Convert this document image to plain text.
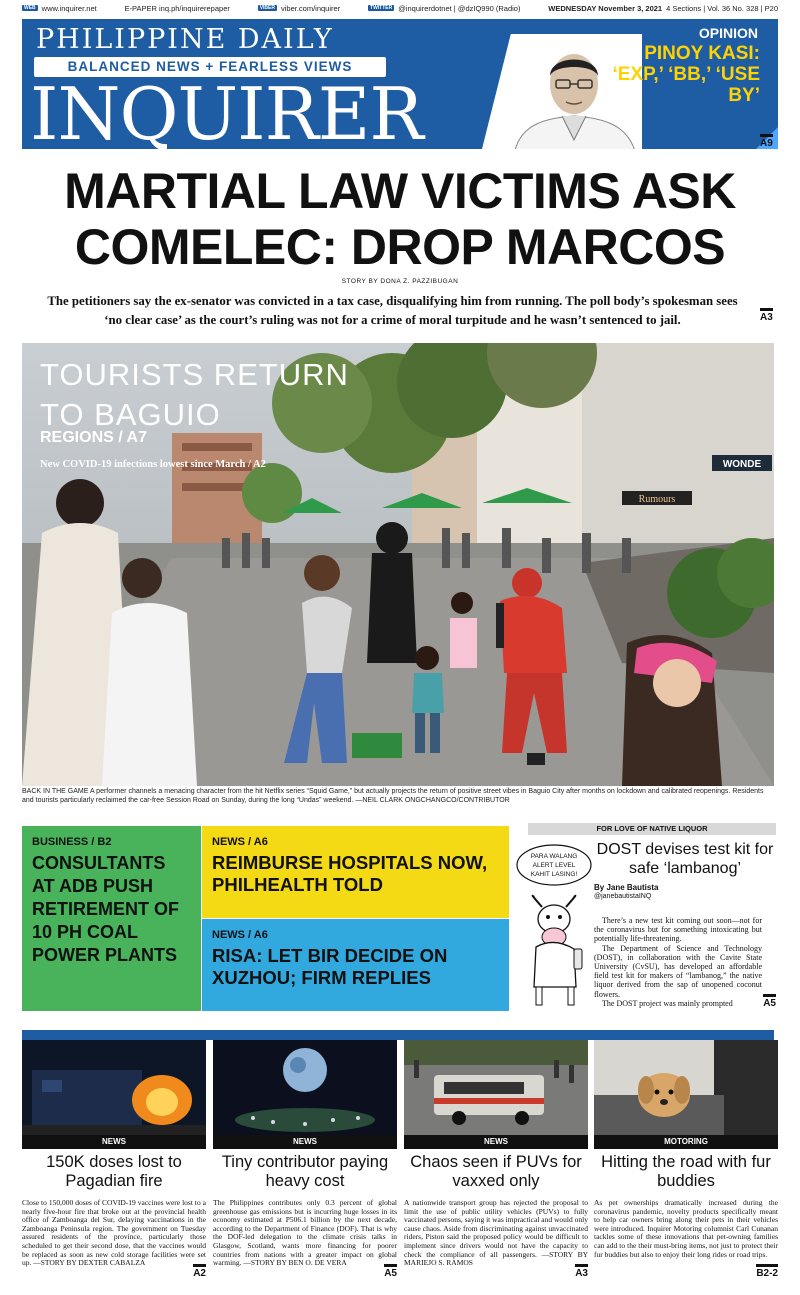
WEB www.inquirer.net	E-PAPER inq.ph/inquirerepaper	VIBER viber.com/inquirer	TWITTER @inquirerdotnet | @dzIQ990 (Radio)	WEDNESDAY November 3, 2021 4 Sections | Vol. 36 No. 328 | P20
PHILIPPINE DAILY
BALANCED NEWS + FEARLESS VIEWS
INQUIRER
OPINION
PINOY KASI: ‘EXP,’ ‘BB,’ ‘USE BY’
A9
MARTIAL LAW VICTIMS ASK
COMELEC: DROP MARCOS
STORY BY DONA Z. PAZZIBUGAN
The petitioners say the ex-senator was convicted in a tax case, disqualifying him from running. The poll body’s spokesman sees ‘no clear case’ as the court’s ruling was not for a crime of moral turpitude and he wasn’t sentenced to jail.	A3
WONDE
Rumours
TOURISTS RETURN
TO BAGUIO
REGIONS / A7
New COVID-19 infections lowest since March / A2
BACK IN THE GAME A performer channels a menacing character from the hit Netflix series “Squid Game,” but actually projects the return of positive street vibes in Baguio City after months on lockdown and calibrated reopenings. Residents and tourists particularly reclaimed the car-free Session Road on Sunday, during the long “Undas” weekend. —NEIL CLARK ONGCHANGCO/CONTRIBUTOR
BUSINESS / B2
CONSULTANTS AT ADB PUSH RETIREMENT OF 10 PH COAL POWER PLANTS
NEWS / A6
REIMBURSE HOSPITALS NOW, PHILHEALTH TOLD
NEWS / A6
RISA: LET BIR DECIDE ON XUZHOU; FIRM REPLIES
FOR LOVE OF NATIVE LIQUOR
PARA WALANG
ALERT LEVEL
KAHIT LASING!
DOST devises test kit for safe ‘lambanog’
By Jane Bautista
@janebautistaINQ

There’s a new test kit coming out soon—not for the coronavirus but for something intoxicating but potentially life-threatening.

The Department of Science and Technology (DOST), in collaboration with the Cavite State University (CvSU), has developed an affordable field test kit for makers of “lambanog,” the native liquor derived from the sap of unopened coconut flowers.

The DOST project was mainly prompted	A5
NEWS
150K doses lost to Pagadian fire
Close to 150,000 doses of COVID-19 vaccines were lost to a nearly five-hour fire that broke out at the provincial health office of Zamboanga del Sur, delaying vaccinations in the Zamboanga Peninsula region. The government on Tuesday assured residents of the province, particularly those scheduled to get their second dose, that the vaccines would be replaced as soon as new cold storage facilities were set up. —STORY BY DEXTER CABALZA
A2
NEWS
Tiny contributor paying heavy cost
The Philippines contributes only 0.3 percent of global greenhouse gas emissions but is incurring huge losses in its economy estimated at P506.1 billion by the next decade, according to the Department of Finance (DOF). That is why the DOF-led delegation to the climate crisis talks in Glasgow, Scotland, wants more financing for poorer countries from nations with a greater impact on global warming. —STORY BY BEN O. DE VERA
A5
NEWS
Chaos seen if PUVs for vaxxed only
A nationwide transport group has rejected the proposal to limit the use of public utility vehicles (PUVs) to fully vaccinated persons, saying it was impractical and would only cause chaos. Aside from discriminating against unvaccinated riders, Piston said the proposed policy would be difficult to implement since drivers would not have the capacity to check the compliance of all passengers. —STORY BY MARIEJO S. RAMOS
A3
MOTORING
Hitting the road with fur buddies
As pet ownerships dramatically increased during the coronavirus pandemic, novelty products specifically meant to help car owners bring along their pets in their vehicles were introduced. Inquirer Motoring columnist Carl Cunanan tackles some of these innovations that pet-owning families can add to the their must-bring items, not just to protect their fur buddies but also to enjoy their long rides or road trips.
B2-2
